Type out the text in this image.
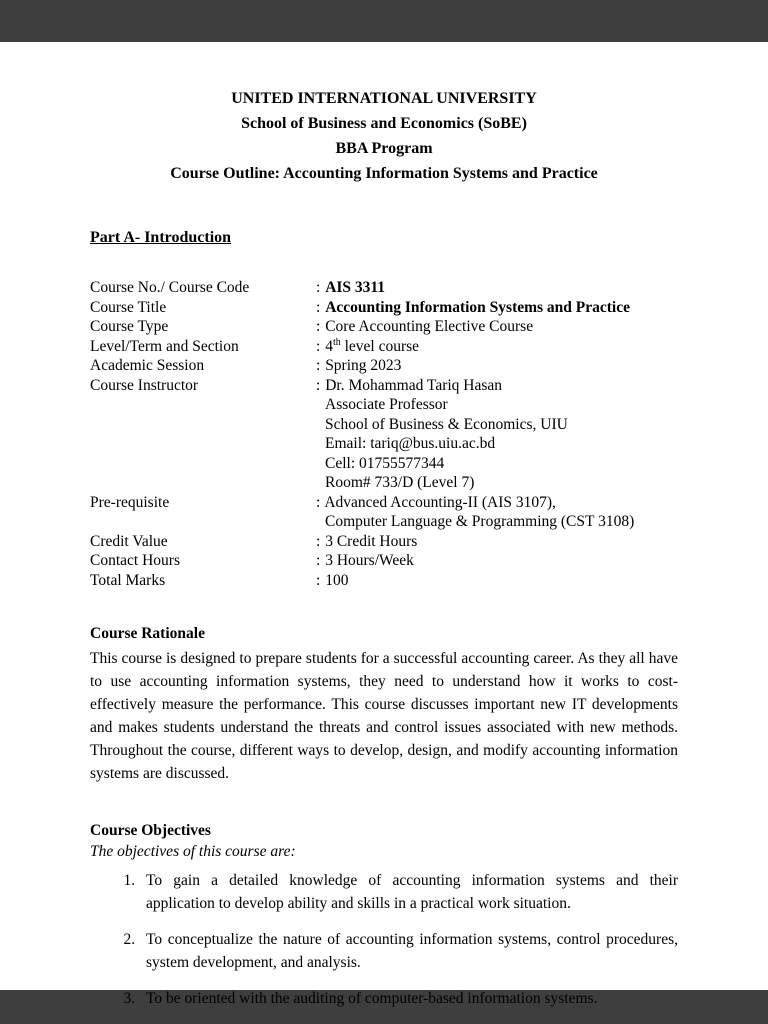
UNITED INTERNATIONAL UNIVERSITY
School of Business and Economics (SoBE)
BBA Program
Course Outline: Accounting Information Systems and Practice
Part A- Introduction
Course No./ Course Code	: AIS 3311
Course Title	: Accounting Information Systems and Practice
Course Type	: Core Accounting Elective Course
Level/Term and Section	: 4th level course
Academic Session	: Spring 2023
Course Instructor	: Dr. Mohammad Tariq Hasan
Associate Professor
School of Business & Economics, UIU
Email: tariq@bus.uiu.ac.bd
Cell: 01755577344
Room# 733/D (Level 7)
Pre-requisite	: Advanced Accounting-II (AIS 3107),
Computer Language & Programming (CST 3108)
Credit Value	: 3 Credit Hours
Contact Hours	: 3 Hours/Week
Total Marks	: 100
Course Rationale
This course is designed to prepare students for a successful accounting career. As they all have to use accounting information systems, they need to understand how it works to cost-effectively measure the performance. This course discusses important new IT developments and makes students understand the threats and control issues associated with new methods. Throughout the course, different ways to develop, design, and modify accounting information systems are discussed.
Course Objectives
The objectives of this course are:
1. To gain a detailed knowledge of accounting information systems and their application to develop ability and skills in a practical work situation.
2. To conceptualize the nature of accounting information systems, control procedures, system development, and analysis.
3. To be oriented with the auditing of computer-based information systems.
